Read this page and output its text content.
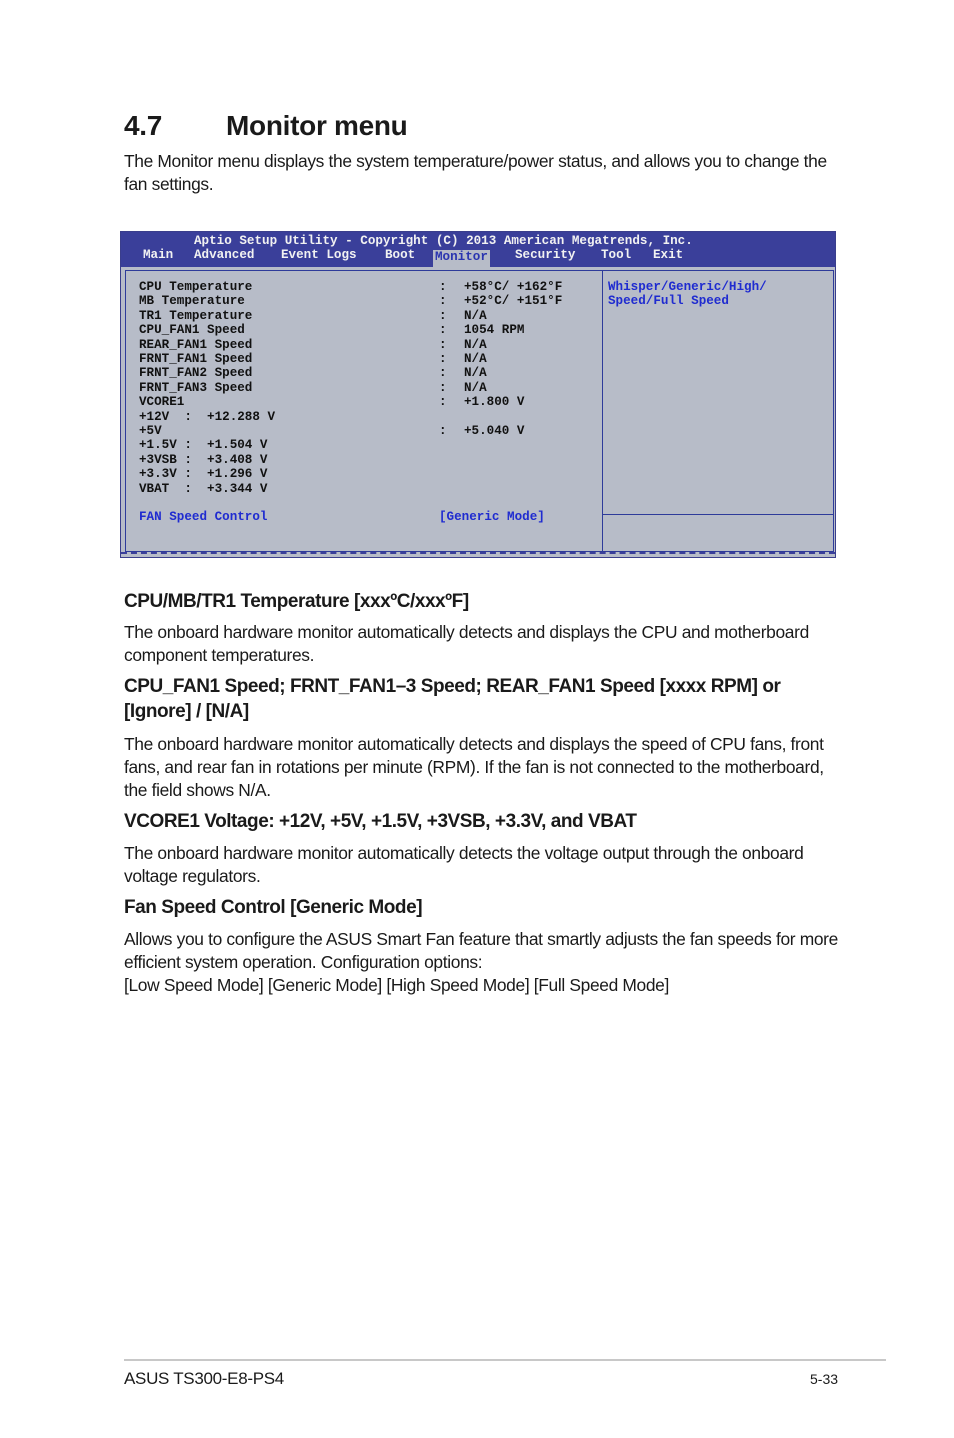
4.7 Monitor menu

The Monitor menu displays the system temperature/power status, and allows you to change the fan settings.

Aptio Setup Utility - Copyright (C) 2013 American Megatrends, Inc.
Main Advanced Event Logs Boot Monitor Security Tool Exit
CPU Temperature	: +58°C/ +162°F
MB Temperature	: +52°C/ +151°F
TR1 Temperature	: N/A
CPU_FAN1 Speed	: 1054 RPM
REAR_FAN1 Speed	: N/A
FRNT_FAN1 Speed	: N/A
FRNT_FAN2 Speed	: N/A
FRNT_FAN3 Speed	: N/A
VCORE1	: +1.800 V
+12V  :  +12.288 V
+5V	: +5.040 V
+1.5V :  +1.504 V
+3VSB :  +3.408 V
+3.3V :  +1.296 V
VBAT  :  +3.344 V
FAN Speed Control	[Generic Mode]
Whisper/Generic/High/
Speed/Full Speed
CPU/MB/TR1 Temperature [xxxºC/xxxºF]

The onboard hardware monitor automatically detects and displays the CPU and motherboard component temperatures.

CPU_FAN1 Speed; FRNT_FAN1–3 Speed; REAR_FAN1 Speed [xxxx RPM] or [Ignore] / [N/A]

The onboard hardware monitor automatically detects and displays the speed of CPU fans, front fans, and rear fan in rotations per minute (RPM). If the fan is not connected to the motherboard, the field shows N/A.

VCORE1 Voltage: +12V, +5V, +1.5V, +3VSB, +3.3V, and VBAT

The onboard hardware monitor automatically detects the voltage output through the onboard voltage regulators.

Fan Speed Control [Generic Mode]

Allows you to configure the ASUS Smart Fan feature that smartly adjusts the fan speeds for more efficient system operation. Configuration options:

[Low Speed Mode] [Generic Mode] [High Speed Mode] [Full Speed Mode]

ASUS TS300-E8-PS4	5-33
